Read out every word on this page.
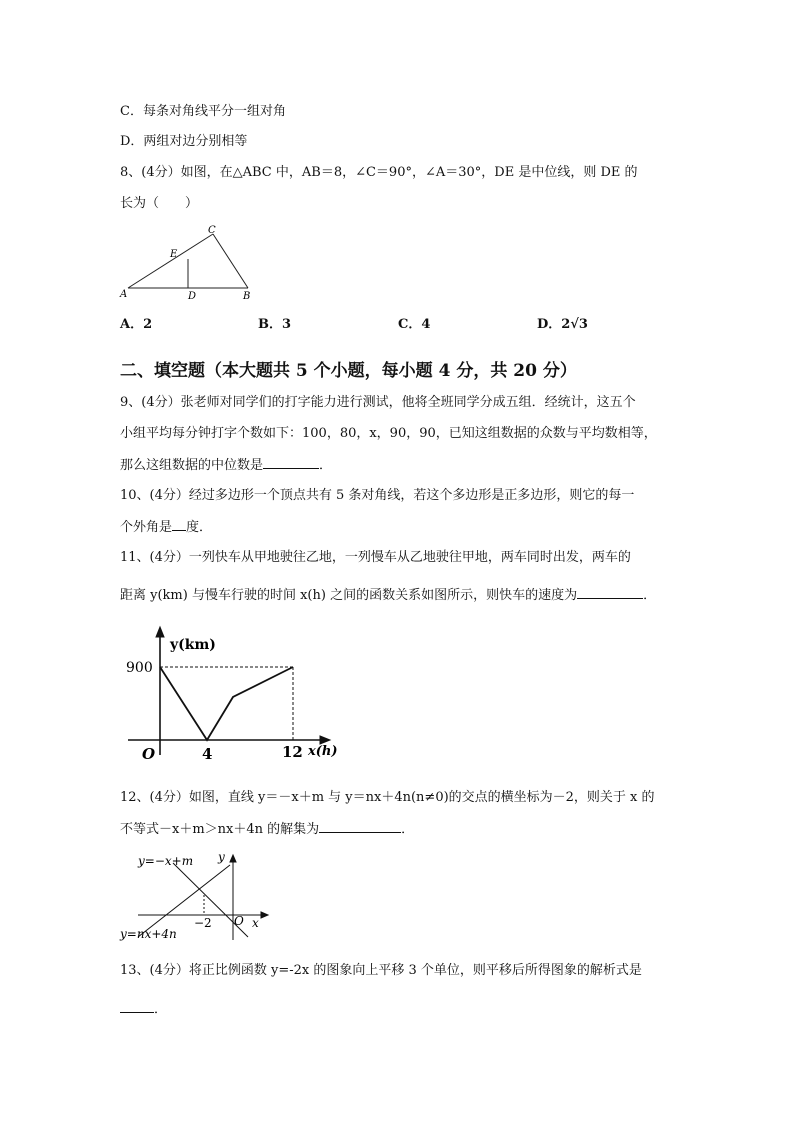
C．每条对角线平分一组对角
D．两组对边分别相等
8、(4分）如图，在△ABC 中，AB＝8，∠C＝90°，∠A＝30°，DE 是中位线，则 DE 的
长为（　　）
A	B
C
D
E
A．2	B．3	C．4	D．2√3
二、填空题（本大题共 5 个小题，每小题 4 分，共 20 分）
9、(4分）张老师对同学们的打字能力进行测试，他将全班同学分成五组．经统计，这五个
小组平均每分钟打字个数如下：100，80，x，90，90，已知这组数据的众数与平均数相等，
那么这组数据的中位数是	．
10、(4分）经过多边形一个顶点共有 5 条对角线，若这个多边形是正多边形，则它的每一
个外角是 度．
11、(4分）一列快车从甲地驶往乙地，一列慢车从乙地驶往甲地，两车同时出发，两车的
距离 y(km) 与慢车行驶的时间 x(h) 之间的函数关系如图所示，则快车的速度为	．
y(km)
900
O	4	12 x(h)
12、(4分）如图，直线 y＝－x＋m 与 y＝nx＋4n(n≠0)的交点的横坐标为－2，则关于 x 的
不等式－x＋m＞nx＋4n 的解集为	．
y=−x+m
y=nx+4n
y
x
O
−2
13、(4分）将正比例函数 y=-2x 的图象向上平移 3 个单位，则平移后所得图象的解析式是
．
